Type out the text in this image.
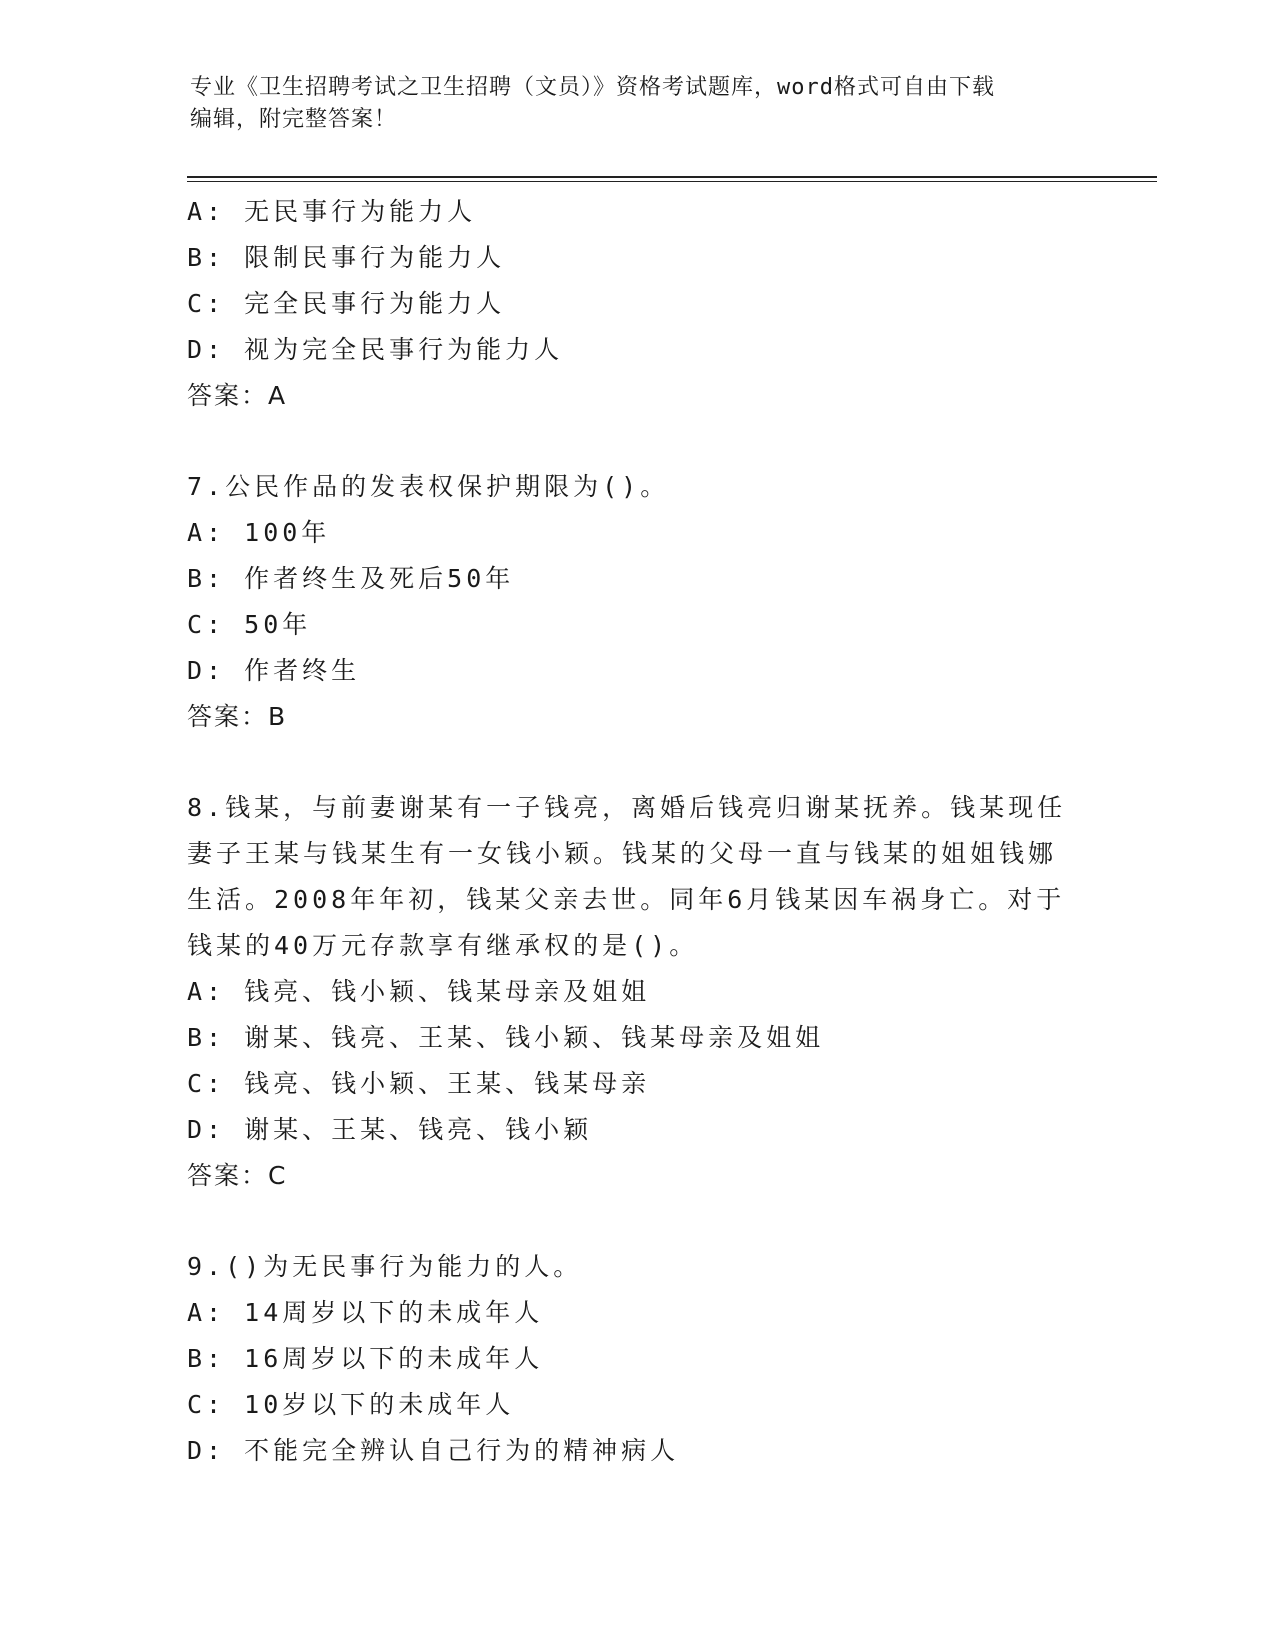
专业《卫生招聘考试之卫生招聘（文员）》资格考试题库，word格式可自由下载
编辑，附完整答案！
A: 无民事行为能力人
B: 限制民事行为能力人
C: 完全民事行为能力人
D: 视为完全民事行为能力人
答案：A
7.公民作品的发表权保护期限为()。
A: 100年
B: 作者终生及死后50年
C: 50年
D: 作者终生
答案：B
8.钱某，与前妻谢某有一子钱亮，离婚后钱亮归谢某抚养。钱某现任
妻子王某与钱某生有一女钱小颖。钱某的父母一直与钱某的姐姐钱娜
生活。2008年年初，钱某父亲去世。同年6月钱某因车祸身亡。对于
钱某的40万元存款享有继承权的是()。
A: 钱亮、钱小颖、钱某母亲及姐姐
B: 谢某、钱亮、王某、钱小颖、钱某母亲及姐姐
C: 钱亮、钱小颖、王某、钱某母亲
D: 谢某、王某、钱亮、钱小颖
答案：C
9.()为无民事行为能力的人。
A: 14周岁以下的未成年人
B: 16周岁以下的未成年人
C: 10岁以下的未成年人
D: 不能完全辨认自己行为的精神病人
